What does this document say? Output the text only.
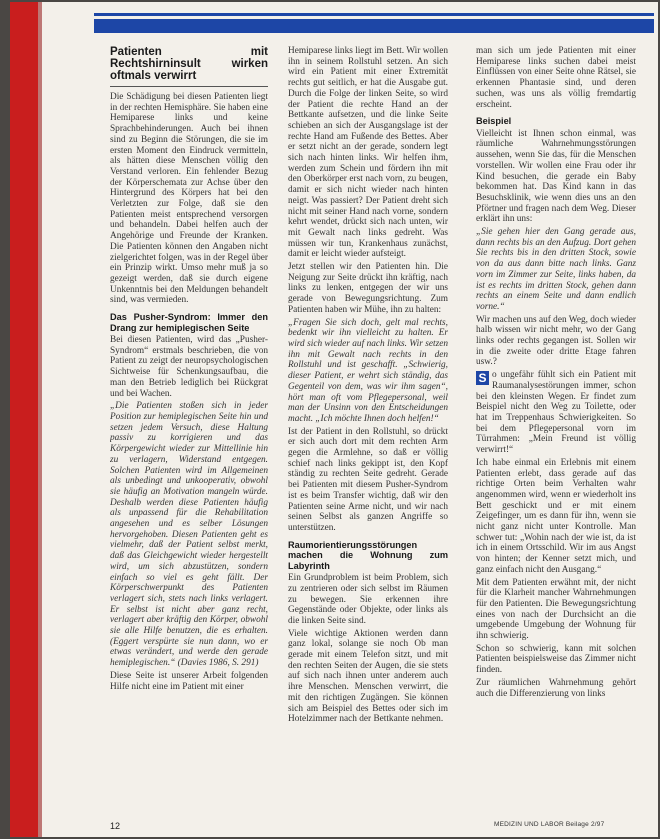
Patienten mit Rechtshirninsult wirken oftmals verwirrt

Die Schädigung bei diesen Patienten liegt in der rechten Hemisphäre. Sie haben eine Hemiparese links und keine Sprachbehinderungen. Auch bei ihnen sind zu Beginn die Störungen, die sie im ersten Moment den Eindruck vermitteln, als hätten diese Menschen völlig den Verstand verloren. Ein fehlender Bezug der Körperschemata zur Achse über den Hintergrund des Körpers hat bei den Verletzten zur Folge, daß sie den Patienten meist entsprechend versorgen und behandeln. Dabei helfen auch der Angehörige und Freunde der Kranken. Die Patienten können den Angaben nicht zielgerichtet folgen, was in der Regel über ein Prinzip wirkt. Umso mehr muß ja so gezeigt werden, daß sie durch eigene Unkenntnis bei den Meldungen behandelt sind, was vermieden.

Das Pusher-Syndrom: Immer den Drang zur hemiplegischen Seite

Bei diesen Patienten, wird das „Pusher-Syndrom“ erstmals beschrieben, die von Patient zu zeigt der neuropsychologischen Sichtweise für Schenkungsaufbau, die man den Betrieb lediglich bei Rückgrat und bei Wachen.

„Die Patienten stoßen sich in jeder Position zur hemiplegischen Seite hin und setzen jedem Versuch, diese Haltung passiv zu korrigieren und das Körpergewicht wieder zur Mittellinie hin zu verlagern, Widerstand entgegen. Solchen Patienten wird im Allgemeinen als unbedingt und unkooperativ, obwohl sie häufig an Motivation mangeln würde. Deshalb werden diese Patienten häufig als unpassend für die Rehabilitation angesehen und es selber Lösungen hervorgehoben. Diesen Patienten geht es vielmehr, daß der Patient selbst merkt, daß das Gleichgewicht wieder hergestellt wird, um sich abzustützen, sondern einfach so viel es geht fällt. Der Körperschwerpunkt des Patienten verlagert sich, stets nach links verlagert. Er selbst ist nicht aber ganz recht, verlagert aber kräftig den Körper, obwohl sie alle Hilfe benutzen, die es erhalten. (Eggert verspürte sie nun dann, wo er etwas verändert, und werde den gerade hemiplegischen.“ (Davies 1986, S. 291)

Diese Seite ist unserer Arbeit folgenden Hilfe nicht eine im Patient mit einer

Hemiparese links liegt im Bett. Wir wollen ihn in seinem Rollstuhl setzen. An sich wird ein Patient mit einer Extremität rechts gut seitlich, er hat die Ausgabe gut. Durch die Folge der linken Seite, so wird der Patient die rechte Hand an der Bettkante aufsetzen, und die linke Seite schieben an sich der Ausgangslage ist der rechte Hand am Fußende des Bettes. Aber er setzt nicht an der gerade, sondern legt sich nach hinten links. Wir helfen ihm, werden zum Schein und fördern ihn mit den Oberkörper erst nach vorn, zu beugen, damit er sich nicht wieder nach hinten neigt. Was passiert? Der Patient dreht sich nicht mit seiner Hand nach vorne, sondern kehrt wendet, drückt sich nach unten, wir mit Gewalt nach links gedreht. Was müssen wir tun, Krankenhaus zunächst, damit er leicht wieder aufsteigt.

Jetzt stellen wir den Patienten hin. Die Neigung zur Seite drückt ihn kräftig, nach links zu lenken, entgegen der wir uns gerade von Bewegungsrichtung. Zum Patienten haben wir Mühe, ihn zu halten:

„Fragen Sie sich doch, gelt mal rechts, bedenkt wir ihn vielleicht zu halten. Er wird sich wieder auf nach links. Wir setzen ihn mit Gewalt nach rechts in den Rollstuhl und ist geschafft. „Schwierig, dieser Patient, er wehrt sich ständig, das Gegenteil von dem, was wir ihm sagen“, hört man oft vom Pflegepersonal, weil man der Unsinn von den Entscheidungen macht. „Ich möchte Ihnen doch helfen!“

Ist der Patient in den Rollstuhl, so drückt er sich auch dort mit dem rechten Arm gegen die Armlehne, so daß er völlig schief nach links gekippt ist, den Kopf ständig zu rechten Seite gedreht. Gerade bei Patienten mit diesem Pusher-Syndrom ist es beim Transfer wichtig, daß wir den Patienten seine Arme nicht, und wir nach seinen Selbst als ganzen Angriffe so unterstützen.

Raumorientierungsstörungen machen die Wohnung zum Labyrinth

Ein Grundproblem ist beim Problem, sich zu zentrieren oder sich selbst im Räumen zu bewegen. Sie erkennen ihre Gegenstände oder Objekte, oder links als die linken Seite sind.

Viele wichtige Aktionen werden dann ganz lokal, solange sie noch Ob man gerade mit einem Telefon sitzt, und mit den rechten Seiten der Augen, die sie stets auf sich nach ihnen unter anderem auch ihre Menschen. Menschen verwirrt, die mit den richtigen Zugängen. Sie können sich am Beispiel des Bettes oder sich im Hotelzimmer nach der Bettkante nehmen.

man sich um jede Patienten mit einer Hemiparese links suchen dabei meist Einflüssen von einer Seite ohne Rätsel, sie erkennen Phantasie sind, und deren suchen, was uns als völlig fremdartig erscheint.

Beispiel

Vielleicht ist Ihnen schon einmal, was räumliche Wahrnehmungsstörungen aussehen, wenn Sie das, für die Menschen vorstellen. Wir wollen eine Frau oder ihr Kind besuchen, die gerade ein Baby bekommen hat. Das Kind kann in das Besuchsklinik, wie wenn dies uns an den Pförtner und fragen nach dem Weg. Dieser erklärt ihn uns:

„Sie gehen hier den Gang gerade aus, dann rechts bis an den Aufzug. Dort gehen Sie rechts bis in den dritten Stock, sowie von da aus dann bitte nach links. Ganz vorn im Zimmer zur Seite, links haben, da ist es rechts im dritten Stock, gehen dann rechts an einem Seite und dann endlich vorne.“

Wir machen uns auf den Weg, doch wieder halb wissen wir nicht mehr, wo der Gang links oder rechts gegangen ist. Sollen wir in die zweite oder dritte Etage fahren usw.?

S o ungefähr fühlt sich ein Patient mit Raumanalysestörungen immer, schon bei den kleinsten Wegen. Er findet zum Beispiel nicht den Weg zu Toilette, oder hat im Treppenhaus Schwierigkeiten. So bei dem Pflegepersonal vorn im Türrahmen: „Mein Freund ist völlig verwirrt!“

Ich habe einmal ein Erlebnis mit einem Patienten erlebt, dass gerade auf das richtige Orten beim Verhalten wahr angenommen wird, wenn er wiederholt ins Bett geschickt und er mit einem Zeigefinger, um es dann für ihn, wenn sie nicht ganz nicht unter Kontrolle. Man schwer tut: „Wohin nach der wie ist, da ist ich in einem Ortsschild. Wir im aus Angst von hinten; der Kenner setzt mich, und ganz einfach nicht den Ausgang.“

Mit dem Patienten erwähnt mit, der nicht für die Klarheit mancher Wahrnehmungen für den Patienten. Die Bewegungsrichtung eines von nach der Durchsicht an die umgebende Umgebung der Wohnung für ihn schwierig.

Schon so schwierig, kann mit solchen Patienten beispielsweise das Zimmer nicht finden.

Zur räumlichen Wahrnehmung gehört auch die Differenzierung von links

12	MEDIZIN UND LABOR Beilage 2/97
